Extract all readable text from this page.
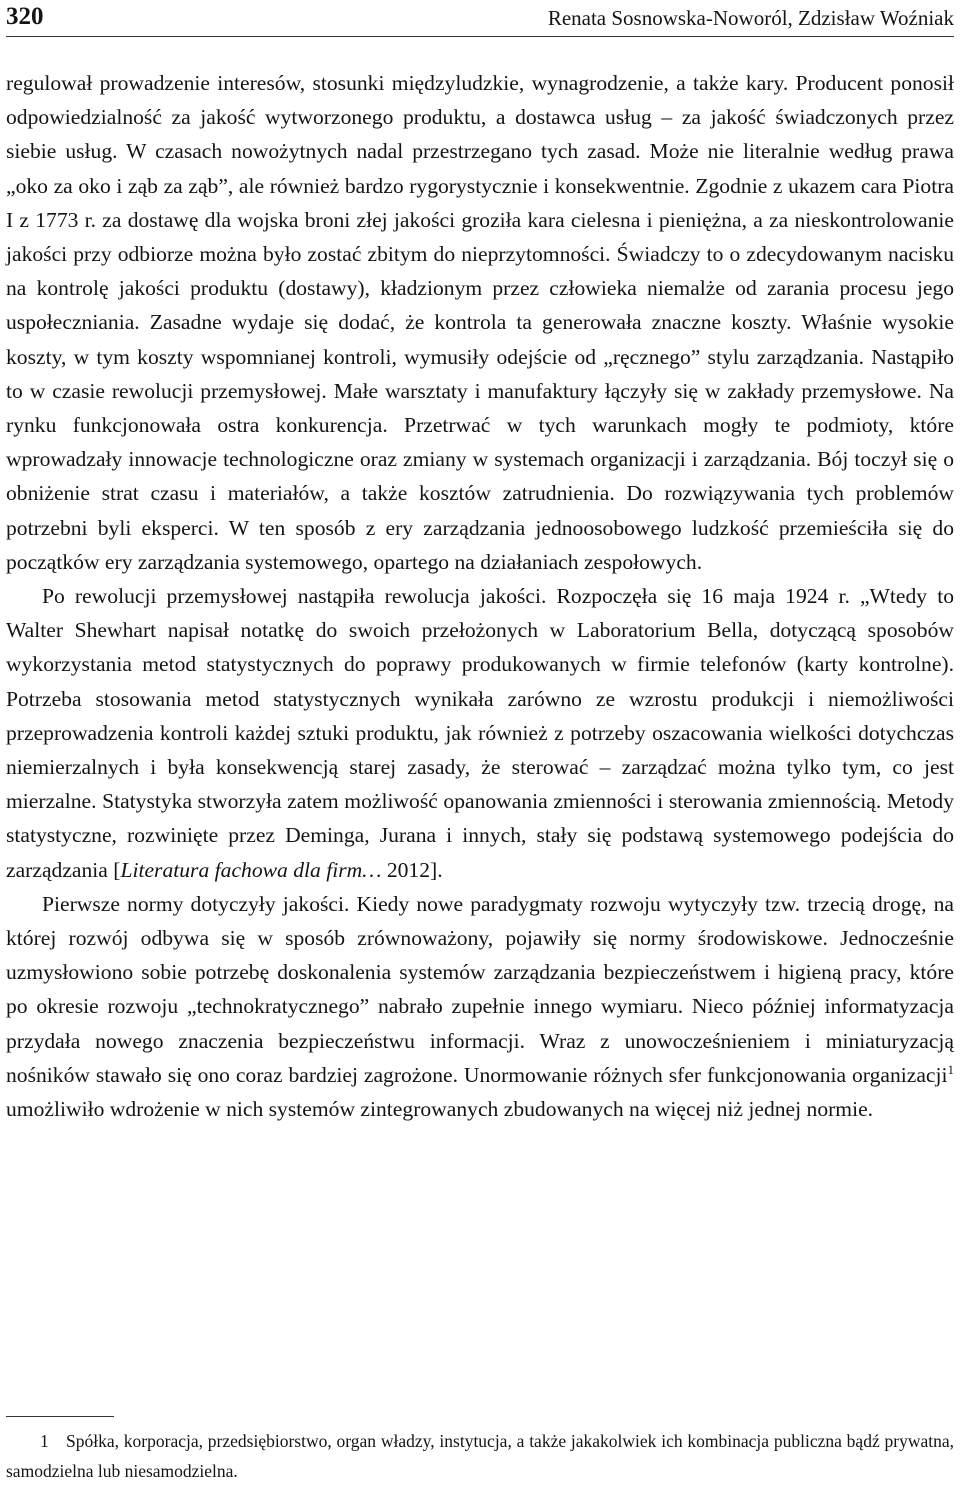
320	Renata Sosnowska-Noworól, Zdzisław Woźniak

regulował prowadzenie interesów, stosunki międzyludzkie, wynagrodzenie, a także kary. Producent ponosił odpowiedzialność za jakość wytworzonego produktu, a dostawca usług – za jakość świadczonych przez siebie usług. W czasach nowożytnych nadal przestrzegano tych zasad. Może nie literalnie według prawa „oko za oko i ząb za ząb”, ale również bardzo rygorystycznie i konsekwentnie. Zgodnie z ukazem cara Piotra I z 1773 r. za dostawę dla wojska broni złej jakości groziła kara cielesna i pieniężna, a za nieskontrolowanie jakości przy odbiorze można było zostać zbitym do nieprzytomności. Świadczy to o zdecydowanym nacisku na kontrolę jakości produktu (dostawy), kładzionym przez człowieka niemalże od zarania procesu jego uspołeczniania. Zasadne wydaje się dodać, że kontrola ta generowała znaczne koszty. Właśnie wysokie koszty, w tym koszty wspomnianej kontroli, wymusiły odejście od „ręcznego” stylu zarządzania. Nastąpiło to w czasie rewolucji przemysłowej. Małe warsztaty i manufaktury łączyły się w zakłady przemysłowe. Na rynku funkcjonowała ostra konkurencja. Przetrwać w tych warunkach mogły te podmioty, które wprowadzały innowacje technologiczne oraz zmiany w systemach organizacji i zarządzania. Bój toczył się o obniżenie strat czasu i materiałów, a także kosztów zatrudnienia. Do rozwiązywania tych problemów potrzebni byli eksperci. W ten sposób z ery zarządzania jednoosobowego ludzkość przemieściła się do początków ery zarządzania systemowego, opartego na działaniach zespołowych.

Po rewolucji przemysłowej nastąpiła rewolucja jakości. Rozpoczęła się 16 maja 1924 r. „Wtedy to Walter Shewhart napisał notatkę do swoich przełożonych w Laboratorium Bella, dotyczącą sposobów wykorzystania metod statystycznych do poprawy produkowanych w firmie telefonów (karty kontrolne). Potrzeba stosowania metod statystycznych wynikała zarówno ze wzrostu produkcji i niemożliwości przeprowadzenia kontroli każdej sztuki produktu, jak również z potrzeby oszacowania wielkości dotychczas niemierzalnych i była konsekwencją starej zasady, że sterować – zarządzać można tylko tym, co jest mierzalne. Statystyka stworzyła zatem możliwość opanowania zmienności i sterowania zmiennością. Metody statystyczne, rozwinięte przez Deminga, Jurana i innych, stały się podstawą systemowego podejścia do zarządzania [Literatura fachowa dla firm… 2012].

Pierwsze normy dotyczyły jakości. Kiedy nowe paradygmaty rozwoju wytyczyły tzw. trzecią drogę, na której rozwój odbywa się w sposób zrównoważony, pojawiły się normy środowiskowe. Jednocześnie uzmysłowiono sobie potrzebę doskonalenia systemów zarządzania bezpieczeństwem i higieną pracy, które po okresie rozwoju „technokratycznego” nabrało zupełnie innego wymiaru. Nieco później informatyzacja przydała nowego znaczenia bezpieczeństwu informacji. Wraz z unowocześnieniem i miniaturyzacją nośników stawało się ono coraz bardziej zagrożone. Unormowanie różnych sfer funkcjonowania organizacji$^1$ umożliwiło wdrożenie w nich systemów zintegrowanych zbudowanych na więcej niż jednej normie.

1 Spółka, korporacja, przedsiębiorstwo, organ władzy, instytucja, a także jakakolwiek ich kombinacja publiczna bądź prywatna, samodzielna lub niesamodzielna.
